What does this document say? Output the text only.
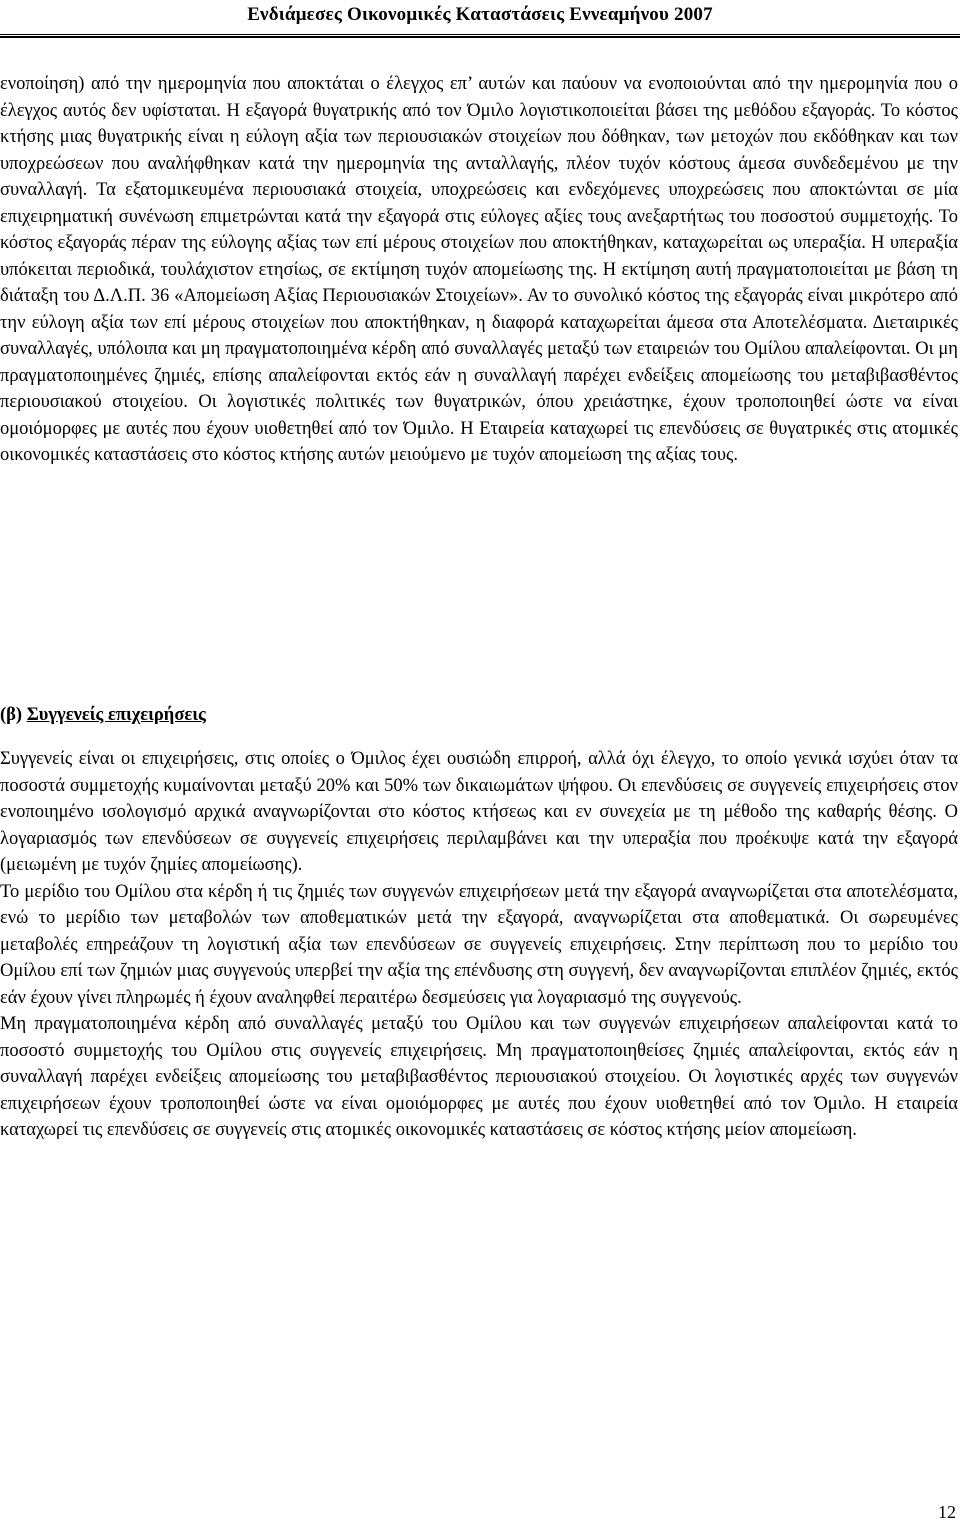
Ενδιάμεσες Οικονομικές Καταστάσεις Εννεαμήνου 2007

ενοποίηση) από την ημερομηνία που αποκτάται ο έλεγχος επ’ αυτών και παύουν να ενοποιούνται από την ημερομηνία που ο έλεγχος αυτός δεν υφίσταται. Η εξαγορά θυγατρικής από τον Όμιλο λογιστικοποιείται βάσει της μεθόδου εξαγοράς. Το κόστος κτήσης μιας θυγατρικής είναι η εύλογη αξία των περιουσιακών στοιχείων που δόθηκαν, των μετοχών που εκδόθηκαν και των υποχρεώσεων που αναλήφθηκαν κατά την ημερομηνία της ανταλλαγής, πλέον τυχόν κόστους άμεσα συνδεδεμένου με την συναλλαγή. Τα εξατομικευμένα περιουσιακά στοιχεία, υποχρεώσεις και ενδεχόμενες υποχρεώσεις που αποκτώνται σε μία επιχειρηματική συνένωση επιμετρώνται κατά την εξαγορά στις εύλογες αξίες τους ανεξαρτήτως του ποσοστού συμμετοχής. Το κόστος εξαγοράς πέραν της εύλογης αξίας των επί μέρους στοιχείων που αποκτήθηκαν, καταχωρείται ως υπεραξία. Η υπεραξία υπόκειται περιοδικά, τουλάχιστον ετησίως, σε εκτίμηση τυχόν απομείωσης της. Η εκτίμηση αυτή πραγματοποιείται με βάση τη διάταξη του Δ.Λ.Π. 36 «Απομείωση Αξίας Περιουσιακών Στοιχείων». Αν το συνολικό κόστος της εξαγοράς είναι μικρότερο από την εύλογη αξία των επί μέρους στοιχείων που αποκτήθηκαν, η διαφορά καταχωρείται άμεσα στα Αποτελέσματα. Διεταιρικές συναλλαγές, υπόλοιπα και μη πραγματοποιημένα κέρδη από συναλλαγές μεταξύ των εταιρειών του Ομίλου απαλείφονται. Οι μη πραγματοποιημένες ζημιές, επίσης απαλείφονται εκτός εάν η συναλλαγή παρέχει ενδείξεις απομείωσης του μεταβιβασθέντος περιουσιακού στοιχείου. Οι λογιστικές πολιτικές των θυγατρικών, όπου χρειάστηκε, έχουν τροποποιηθεί ώστε να είναι ομοιόμορφες με αυτές που έχουν υιοθετηθεί από τον Όμιλο. Η Εταιρεία καταχωρεί τις επενδύσεις σε θυγατρικές στις ατομικές οικονομικές καταστάσεις στο κόστος κτήσης αυτών μειούμενο με τυχόν απομείωση της αξίας τους.

(β) Συγγενείς επιχειρήσεις

Συγγενείς είναι οι επιχειρήσεις, στις οποίες ο Όμιλος έχει ουσιώδη επιρροή, αλλά όχι έλεγχο, το οποίο γενικά ισχύει όταν τα ποσοστά συμμετοχής κυμαίνονται μεταξύ 20% και 50% των δικαιωμάτων ψήφου. Οι επενδύσεις σε συγγενείς επιχειρήσεις στον ενοποιημένο ισολογισμό αρχικά αναγνωρίζονται στο κόστος κτήσεως και εν συνεχεία με τη μέθοδο της καθαρής θέσης. Ο λογαριασμός των επενδύσεων σε συγγενείς επιχειρήσεις περιλαμβάνει και την υπεραξία που προέκυψε κατά την εξαγορά (μειωμένη με τυχόν ζημίες απομείωσης).

Το μερίδιο του Ομίλου στα κέρδη ή τις ζημιές των συγγενών επιχειρήσεων μετά την εξαγορά αναγνωρίζεται στα αποτελέσματα, ενώ το μερίδιο των μεταβολών των αποθεματικών μετά την εξαγορά, αναγνωρίζεται στα αποθεματικά. Οι σωρευμένες μεταβολές επηρεάζουν τη λογιστική αξία των επενδύσεων σε συγγενείς επιχειρήσεις. Στην περίπτωση που το μερίδιο του Ομίλου επί των ζημιών μιας συγγενούς υπερβεί την αξία της επένδυσης στη συγγενή, δεν αναγνωρίζονται επιπλέον ζημιές, εκτός εάν έχουν γίνει πληρωμές ή έχουν αναληφθεί περαιτέρω δεσμεύσεις για λογαριασμό της συγγενούς.

Μη πραγματοποιημένα κέρδη από συναλλαγές μεταξύ του Ομίλου και των συγγενών επιχειρήσεων απαλείφονται κατά το ποσοστό συμμετοχής του Ομίλου στις συγγενείς επιχειρήσεις. Μη πραγματοποιηθείσες ζημιές απαλείφονται, εκτός εάν η συναλλαγή παρέχει ενδείξεις απομείωσης του μεταβιβασθέντος περιουσιακού στοιχείου. Οι λογιστικές αρχές των συγγενών επιχειρήσεων έχουν τροποποιηθεί ώστε να είναι ομοιόμορφες με αυτές που έχουν υιοθετηθεί από τον Όμιλο. Η εταιρεία καταχωρεί τις επενδύσεις σε συγγενείς στις ατομικές οικονομικές καταστάσεις σε κόστος κτήσης μείον απομείωση.

12
